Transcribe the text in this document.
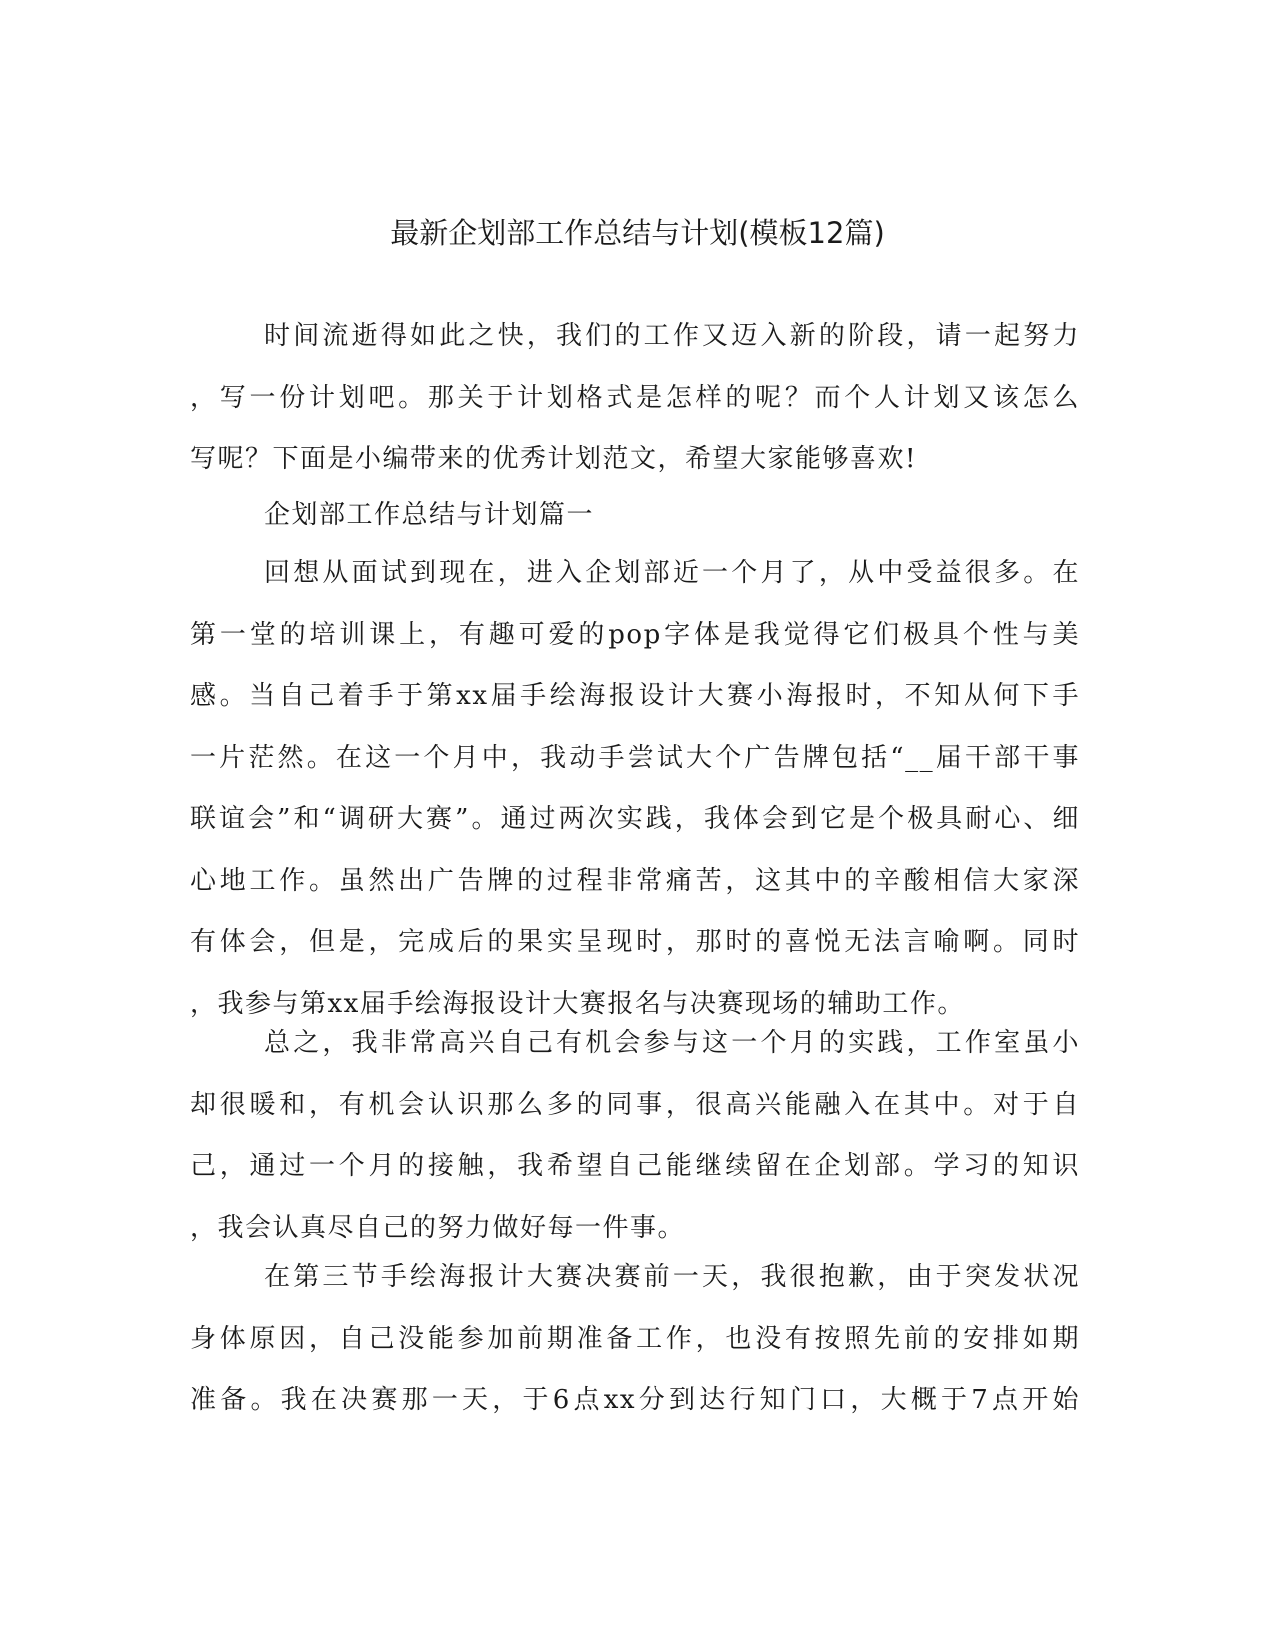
最新企划部工作总结与计划(模板12篇)
时间流逝得如此之快，我们的工作又迈入新的阶段，请一起努力
，写一份计划吧。那关于计划格式是怎样的呢？而个人计划又该怎么
写呢？下面是小编带来的优秀计划范文，希望大家能够喜欢!
企划部工作总结与计划篇一
回想从面试到现在，进入企划部近一个月了，从中受益很多。在
第一堂的培训课上，有趣可爱的pop字体是我觉得它们极具个性与美
感。当自己着手于第xx届手绘海报设计大赛小海报时，不知从何下手
一片茫然。在这一个月中，我动手尝试大个广告牌包括“__届干部干事
联谊会”和“调研大赛”。通过两次实践，我体会到它是个极具耐心、细
心地工作。虽然出广告牌的过程非常痛苦，这其中的辛酸相信大家深
有体会，但是，完成后的果实呈现时，那时的喜悦无法言喻啊。同时
，我参与第xx届手绘海报设计大赛报名与决赛现场的辅助工作。
总之，我非常高兴自己有机会参与这一个月的实践，工作室虽小
却很暖和，有机会认识那么多的同事，很高兴能融入在其中。对于自
己，通过一个月的接触，我希望自己能继续留在企划部。学习的知识
，我会认真尽自己的努力做好每一件事。
在第三节手绘海报计大赛决赛前一天，我很抱歉，由于突发状况
身体原因，自己没能参加前期准备工作，也没有按照先前的安排如期
准备。我在决赛那一天，于6点xx分到达行知门口，大概于7点开始
